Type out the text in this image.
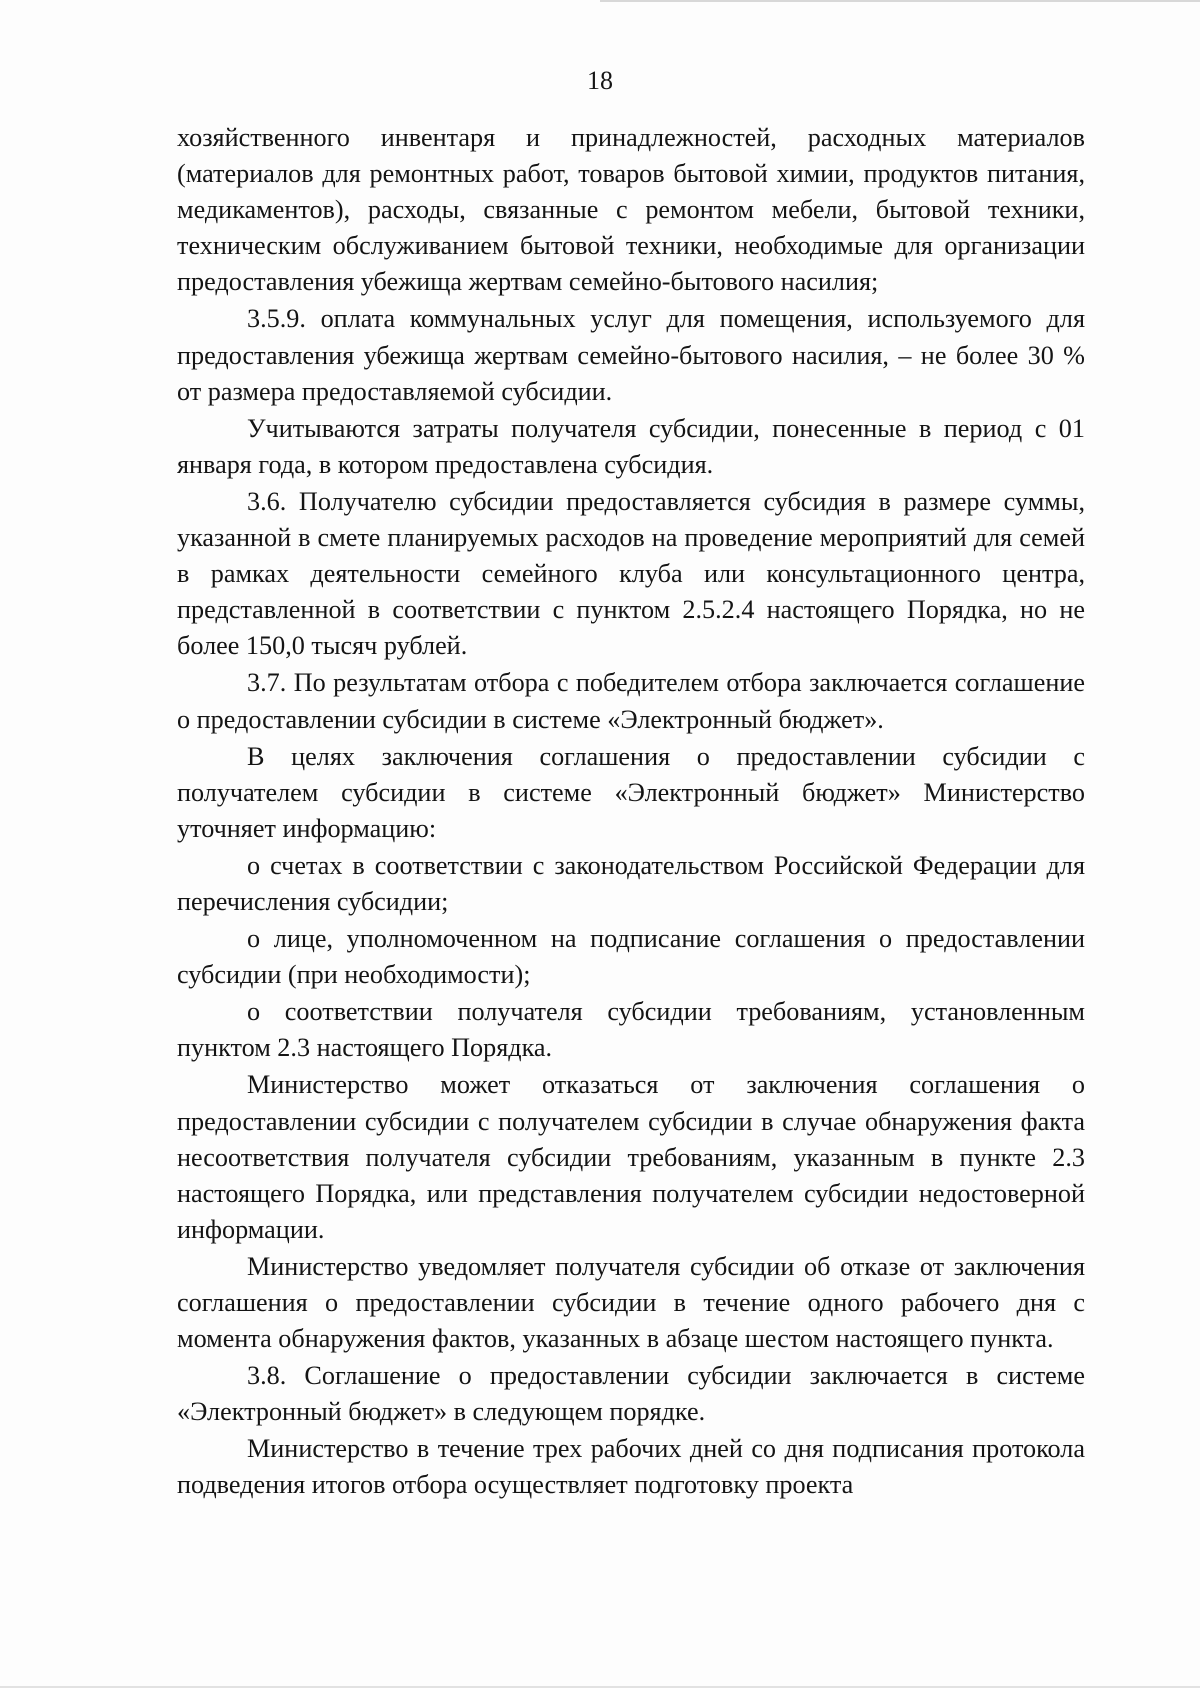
18

хозяйственного инвентаря и принадлежностей, расходных материалов (материалов для ремонтных работ, товаров бытовой химии, продуктов питания, медикаментов), расходы, связанные с ремонтом мебели, бытовой техники, техническим обслуживанием бытовой техники, необходимые для организации предоставления убежища жертвам семейно-бытового насилия;

3.5.9. оплата коммунальных услуг для помещения, используемого для предоставления убежища жертвам семейно-бытового насилия, – не более 30 % от размера предоставляемой субсидии.

Учитываются затраты получателя субсидии, понесенные в период с 01 января года, в котором предоставлена субсидия.

3.6. Получателю субсидии предоставляется субсидия в размере суммы, указанной в смете планируемых расходов на проведение мероприятий для семей в рамках деятельности семейного клуба или консультационного центра, представленной в соответствии с пунктом 2.5.2.4 настоящего Порядка, но не более 150,0 тысяч рублей.

3.7. По результатам отбора с победителем отбора заключается соглашение о предоставлении субсидии в системе «Электронный бюджет».

В целях заключения соглашения о предоставлении субсидии с получателем субсидии в системе «Электронный бюджет» Министерство уточняет информацию:

о счетах в соответствии с законодательством Российской Федерации для перечисления субсидии;

о лице, уполномоченном на подписание соглашения о предоставлении субсидии (при необходимости);

о соответствии получателя субсидии требованиям, установленным пунктом 2.3 настоящего Порядка.

Министерство может отказаться от заключения соглашения о предоставлении субсидии с получателем субсидии в случае обнаружения факта несоответствия получателя субсидии требованиям, указанным в пункте 2.3 настоящего Порядка, или представления получателем субсидии недостоверной информации.

Министерство уведомляет получателя субсидии об отказе от заключения соглашения о предоставлении субсидии в течение одного рабочего дня с момента обнаружения фактов, указанных в абзаце шестом настоящего пункта.

3.8. Соглашение о предоставлении субсидии заключается в системе «Электронный бюджет» в следующем порядке.

Министерство в течение трех рабочих дней со дня подписания протокола подведения итогов отбора осуществляет подготовку проекта
